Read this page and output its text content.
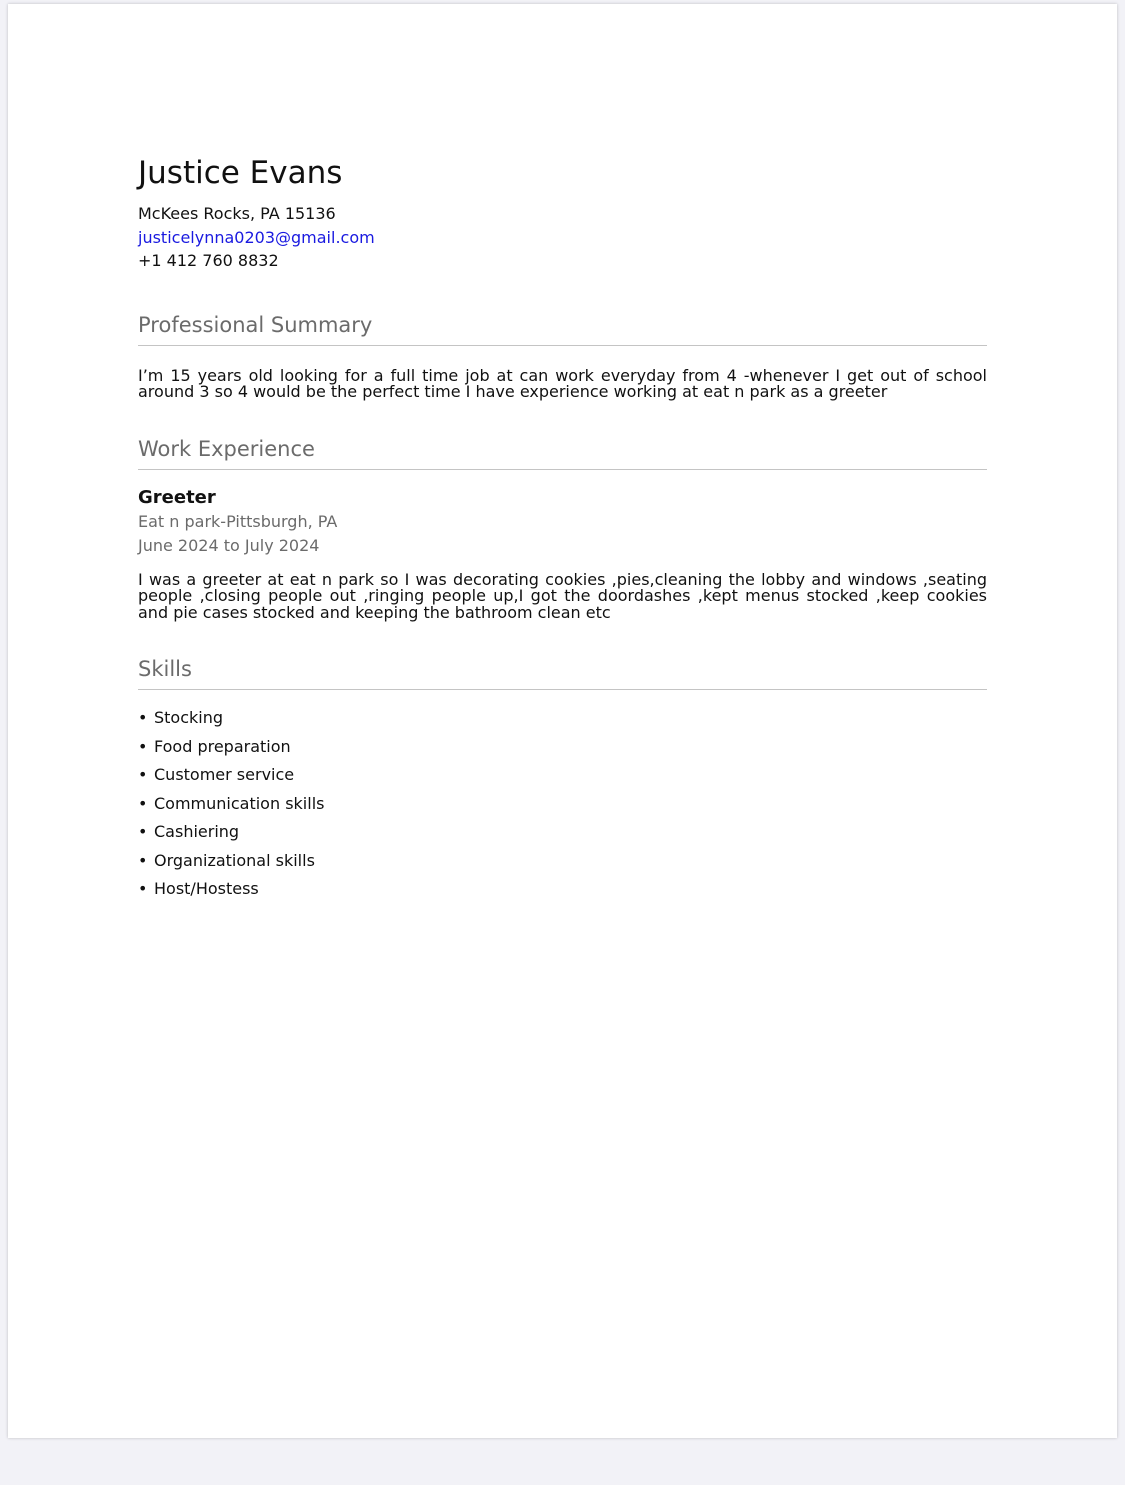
Justice Evans
McKees Rocks, PA 15136
justicelynna0203@gmail.com
+1 412 760 8832
Professional Summary
I’m 15 years old looking for a full time job at can work everyday from 4 -whenever I get out of school around 3 so 4 would be the perfect time I have experience working at eat n park as a greeter
Work Experience
Greeter
Eat n park-Pittsburgh, PA
June 2024 to July 2024
I was a greeter at eat n park so I was decorating cookies ,pies,cleaning the lobby and windows ,seating people ,closing people out ,ringing people up,I got the doordashes ,kept menus stocked ,keep cookies and pie cases stocked and keeping the bathroom clean etc
Skills
• Stocking
• Food preparation
• Customer service
• Communication skills
• Cashiering
• Organizational skills
• Host/Hostess
